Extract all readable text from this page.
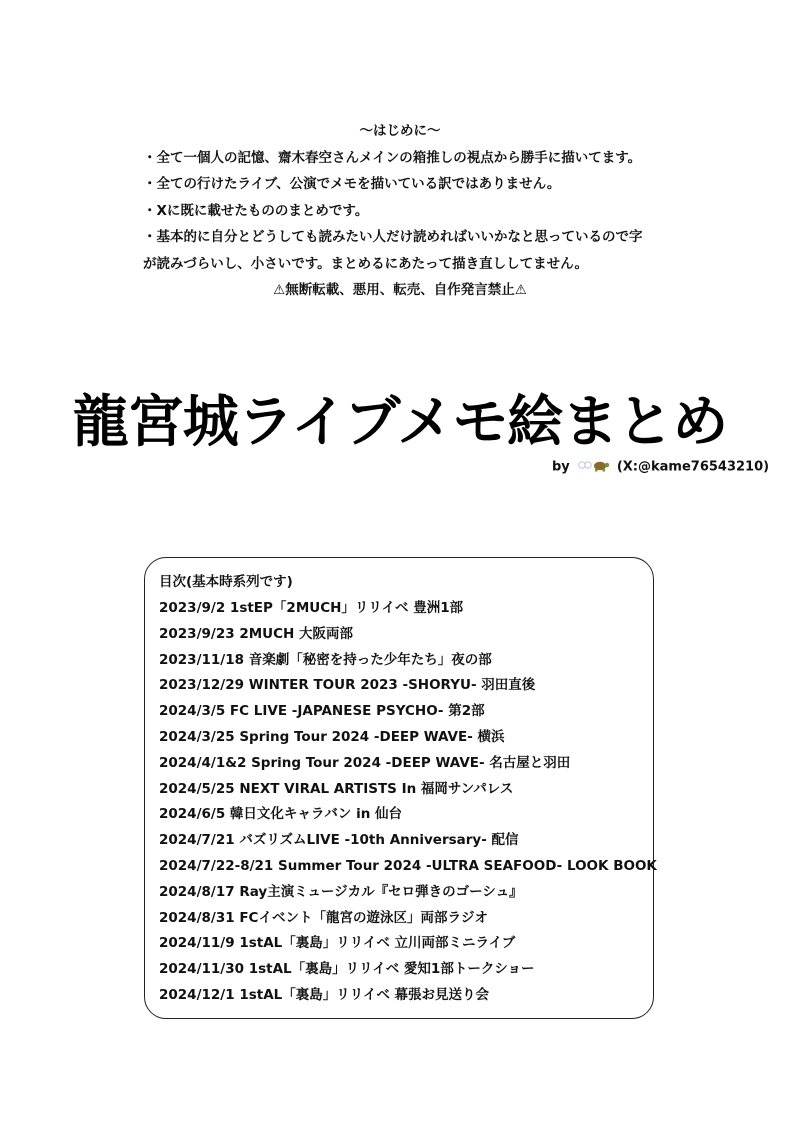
〜はじめに〜
・全て一個人の記憶、齋木春空さんメインの箱推しの視点から勝手に描いてます。
・全ての行けたライブ、公演でメモを描いている訳ではありません。
・Xに既に載せたもののまとめです。
・基本的に自分とどうしても読みたい人だけ読めればいいかなと思っているので字
が読みづらいし、小さいです。まとめるにあたって描き直ししてません。
⚠無断転載、悪用、転売、自作発言禁止⚠
龍宮城ライブメモ絵まとめ
by	(X:@kame76543210)
目次(基本時系列です)
2023/9/2 1stEP「2MUCH」リリイベ 豊洲1部
2023/9/23 2MUCH 大阪両部
2023/11/18 音楽劇「秘密を持った少年たち」夜の部
2023/12/29 WINTER TOUR 2023 -SHORYU- 羽田直後
2024/3/5 FC LIVE -JAPANESE PSYCHO- 第2部
2024/3/25 Spring Tour 2024 -DEEP WAVE- 横浜
2024/4/1&2 Spring Tour 2024 -DEEP WAVE- 名古屋と羽田
2024/5/25 NEXT VIRAL ARTISTS In 福岡サンパレス
2024/6/5 韓日文化キャラバン in 仙台
2024/7/21 バズリズムLIVE -10th Anniversary- 配信
2024/7/22-8/21 Summer Tour 2024 -ULTRA SEAFOOD- LOOK BOOK
2024/8/17 Ray主演ミュージカル『セロ弾きのゴーシュ』
2024/8/31 FCイベント「龍宮の遊泳区」両部ラジオ
2024/11/9 1stAL「裏島」リリイベ 立川両部ミニライブ
2024/11/30 1stAL「裏島」リリイベ 愛知1部トークショー
2024/12/1 1stAL「裏島」リリイベ 幕張お見送り会
